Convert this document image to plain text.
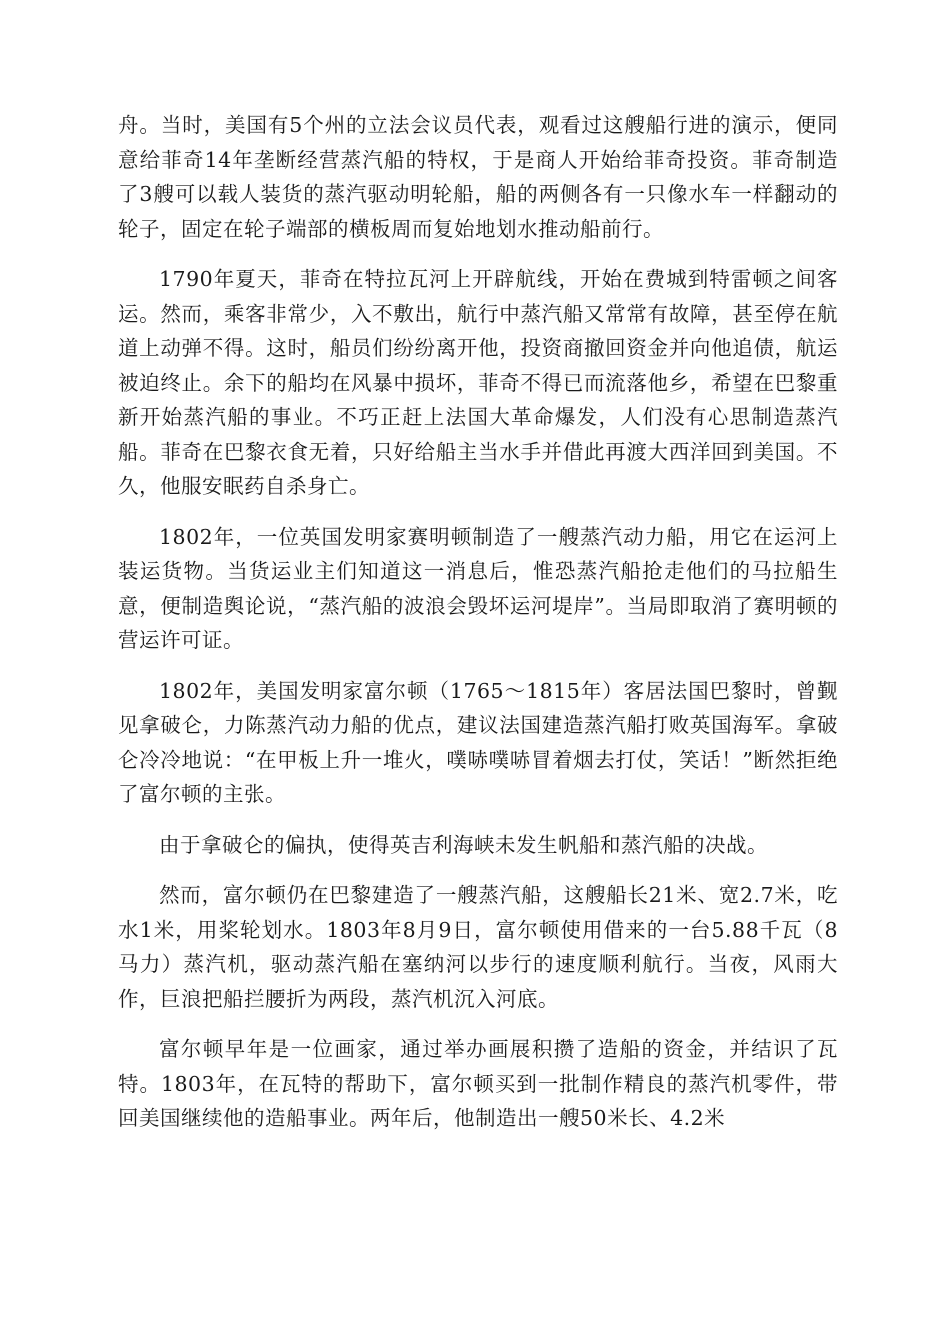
舟。当时，美国有5个州的立法会议员代表，观看过这艘船行进的演示，便同意给菲奇14年垄断经营蒸汽船的特权，于是商人开始给菲奇投资。菲奇制造了3艘可以载人装货的蒸汽驱动明轮船，船的两侧各有一只像水车一样翻动的轮子，固定在轮子端部的横板周而复始地划水推动船前行。

1790年夏天，菲奇在特拉瓦河上开辟航线，开始在费城到特雷顿之间客运。然而，乘客非常少，入不敷出，航行中蒸汽船又常常有故障，甚至停在航道上动弹不得。这时，船员们纷纷离开他，投资商撤回资金并向他追债，航运被迫终止。余下的船均在风暴中损坏，菲奇不得已而流落他乡，希望在巴黎重新开始蒸汽船的事业。不巧正赶上法国大革命爆发，人们没有心思制造蒸汽船。菲奇在巴黎衣食无着，只好给船主当水手并借此再渡大西洋回到美国。不久，他服安眠药自杀身亡。

1802年，一位英国发明家赛明顿制造了一艘蒸汽动力船，用它在运河上装运货物。当货运业主们知道这一消息后，惟恐蒸汽船抢走他们的马拉船生意，便制造舆论说，“蒸汽船的波浪会毁坏运河堤岸”。当局即取消了赛明顿的营运许可证。

1802年，美国发明家富尔顿（1765～1815年）客居法国巴黎时，曾觐见拿破仑，力陈蒸汽动力船的优点，建议法国建造蒸汽船打败英国海军。拿破仑冷冷地说：“在甲板上升一堆火，噗哧噗哧冒着烟去打仗，笑话！”断然拒绝了富尔顿的主张。

由于拿破仑的偏执，使得英吉利海峡未发生帆船和蒸汽船的决战。

然而，富尔顿仍在巴黎建造了一艘蒸汽船，这艘船长21米、宽2.7米，吃水1米，用桨轮划水。1803年8月9日，富尔顿使用借来的一台5.88千瓦（8马力）蒸汽机，驱动蒸汽船在塞纳河以步行的速度顺利航行。当夜，风雨大作，巨浪把船拦腰折为两段，蒸汽机沉入河底。

富尔顿早年是一位画家，通过举办画展积攒了造船的资金，并结识了瓦特。1803年，在瓦特的帮助下，富尔顿买到一批制作精良的蒸汽机零件，带回美国继续他的造船事业。两年后，他制造出一艘50米长、4.2米
